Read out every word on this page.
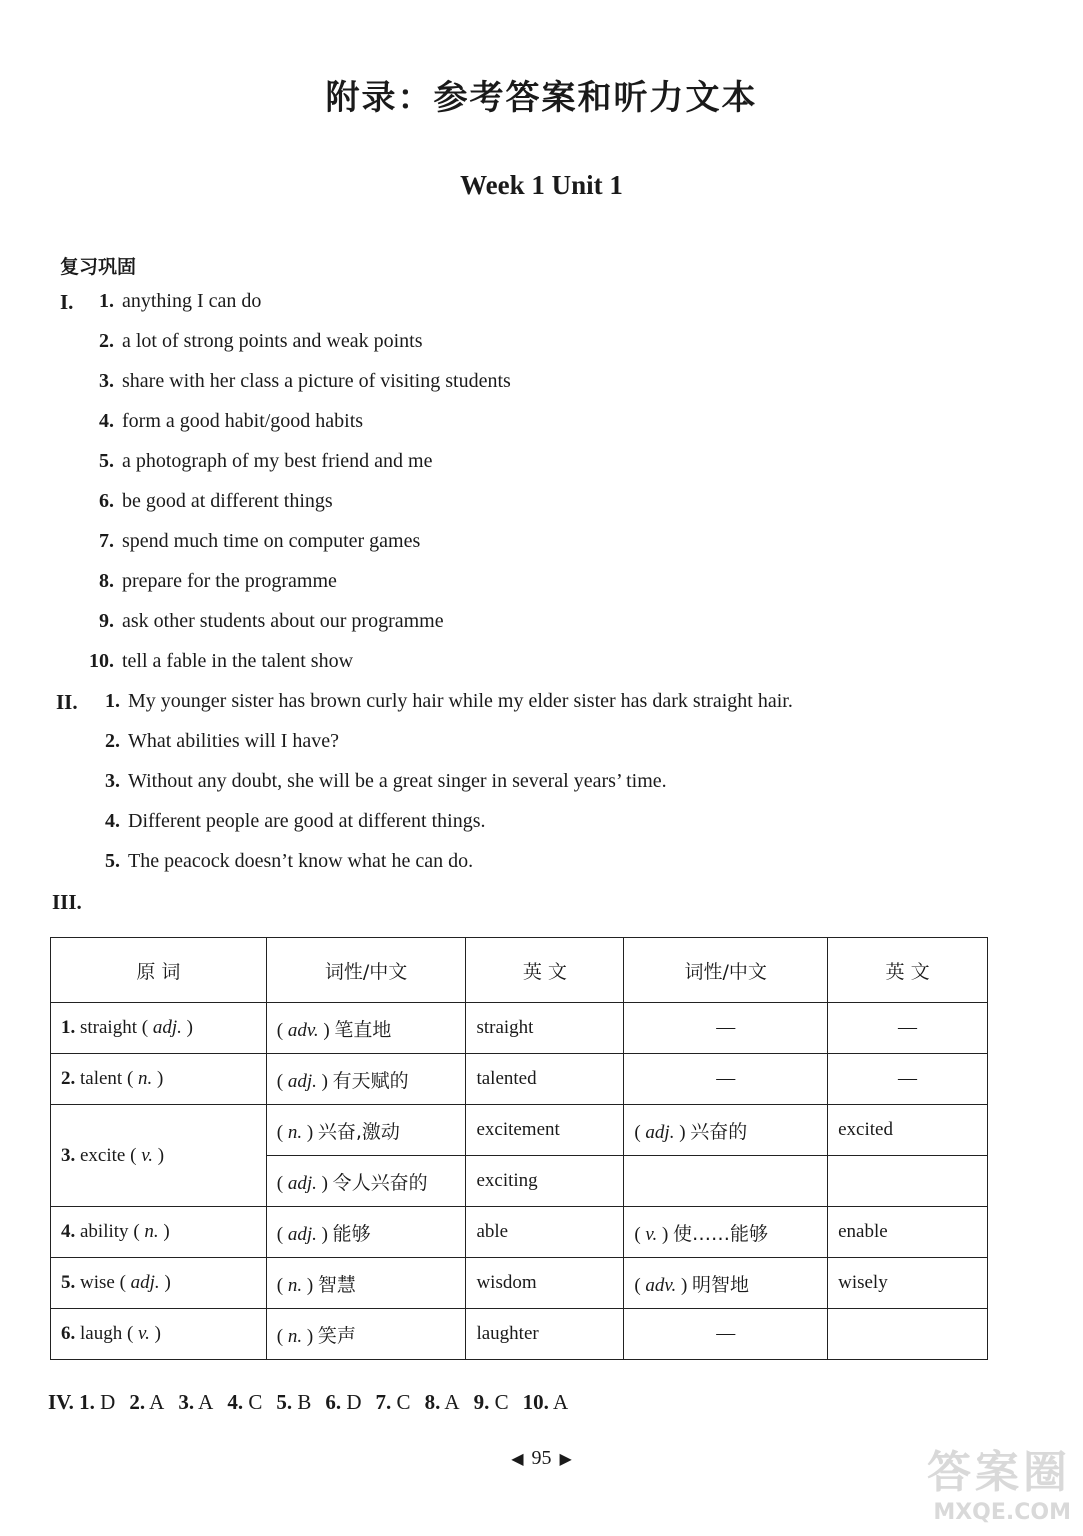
附录：参考答案和听力文本
Week 1 Unit 1
复习巩固
I.	1. anything I can do
2. a lot of strong points and weak points
3. share with her class a picture of visiting students
4. form a good habit/good habits
5. a photograph of my best friend and me
6. be good at different things
7. spend much time on computer games
8. prepare for the programme
9. ask other students about our programme
10. tell a fable in the talent show
II.	1. My younger sister has brown curly hair while my elder sister has dark straight hair.
2. What abilities will I have?
3. Without any doubt, she will be a great singer in several years’ time.
4. Different people are good at different things.
5. The peacock doesn’t know what he can do.
III.
原 词	词性/中文	英 文	词性/中文	英 文
1. straight ( adj. )	( adv. ) 笔直地	straight	—	—
2. talent ( n. )	( adj. ) 有天赋的	talented	—	—
3. excite ( v. )	( n. ) 兴奋,激动	excitement	( adj. ) 兴奋的	excited
	( adj. ) 令人兴奋的	exciting		
4. ability ( n. )	( adj. ) 能够	able	( v. ) 使……能够	enable
5. wise ( adj. )	( n. ) 智慧	wisdom	( adv. ) 明智地	wisely
6. laugh ( v. )	( n. ) 笑声	laughter	—	
IV. 1. D 2. A 3. A 4. C 5. B 6. D 7. C 8. A 9. C 10. A
◀ 95 ▶	答案圈
MXQE.COM
